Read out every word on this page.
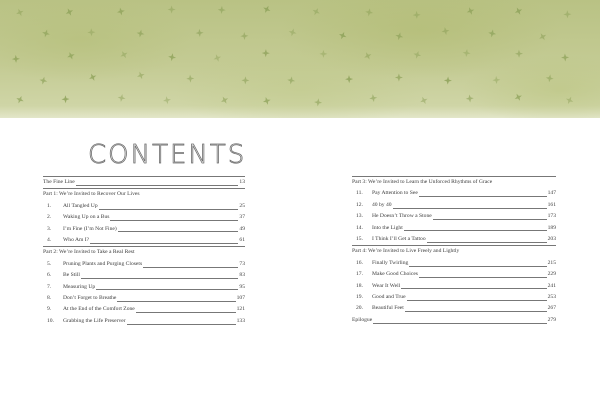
CONTENTS
The Fine Line	13
Part 1: We’re Invited to Recover Our Lives
1.	All Tangled Up	25
2.	Waking Up on a Bus	37
3.	I’m Fine (I’m Not Fine)	49
4.	Who Am I?	61
Part 2: We’re Invited to Take a Real Rest
5.	Pruning Plants and Purging Closets	73
6.	Be Still	83
7.	Measuring Up	95
8.	Don’t Forget to Breathe	107
9.	At the End of the Comfort Zone	121
10.	Grabbing the Life Preserver	133
Part 3: We’re Invited to Learn the Unforced Rhythms of Grace
11.	Pay Attention to See	147
12.	40 by 40	161
13.	He Doesn’t Throw a Stone	173
14.	Into the Light	189
15.	I Think I’ll Get a Tattoo	203
Part 4: We’re Invited to Live Freely and Lightly
16.	Finally Twirling	215
17.	Make Good Choices	229
18.	Wear It Well	241
19.	Good and True	253
20.	Beautiful Feet	267
Epilogue	279
